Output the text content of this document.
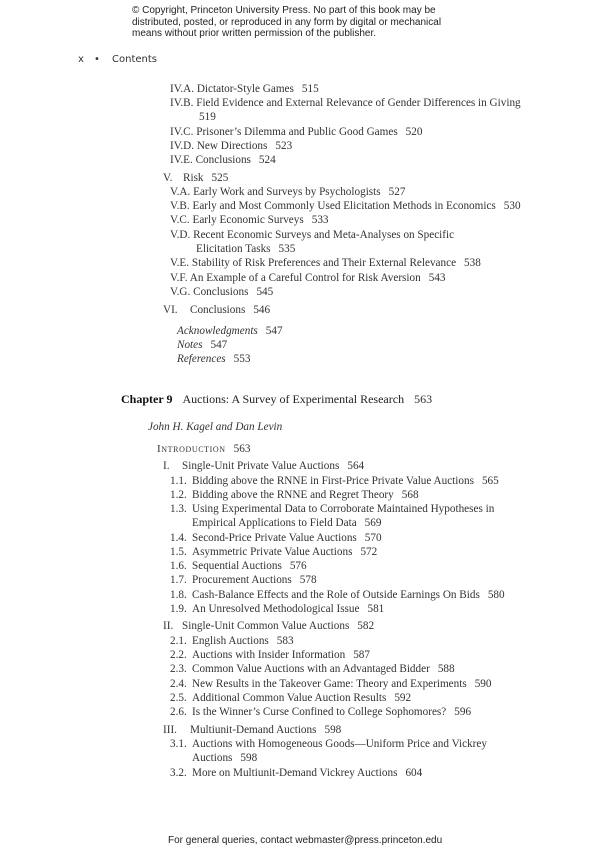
© Copyright, Princeton University Press. No part of this book may be
distributed, posted, or reproduced in any form by digital or mechanical
means without prior written permission of the publisher.
x • Contents
IV.A. Dictator-Style Games 515
IV.B. Field Evidence and External Relevance of Gender Differences in Giving
519
IV.C. Prisoner’s Dilemma and Public Good Games 520
IV.D. New Directions 523
IV.E. Conclusions 524
V. Risk 525
V.A. Early Work and Surveys by Psychologists 527
V.B. Early and Most Commonly Used Elicitation Methods in Economics 530
V.C. Early Economic Surveys 533
V.D. Recent Economic Surveys and Meta-Analyses on Specific
Elicitation Tasks 535
V.E. Stability of Risk Preferences and Their External Relevance 538
V.F. An Example of a Careful Control for Risk Aversion 543
V.G. Conclusions 545
VI. Conclusions 546
Acknowledgments 547
Notes 547
References 553
Chapter 9 Auctions: A Survey of Experimental Research 563
John H. Kagel and Dan Levin
Introduction 563
I. Single-Unit Private Value Auctions 564
1.1. Bidding above the RNNE in First-Price Private Value Auctions 565
1.2. Bidding above the RNNE and Regret Theory 568
1.3. Using Experimental Data to Corroborate Maintained Hypotheses in
Empirical Applications to Field Data 569
1.4. Second-Price Private Value Auctions 570
1.5. Asymmetric Private Value Auctions 572
1.6. Sequential Auctions 576
1.7. Procurement Auctions 578
1.8. Cash-Balance Effects and the Role of Outside Earnings On Bids 580
1.9. An Unresolved Methodological Issue 581
II. Single-Unit Common Value Auctions 582
2.1. English Auctions 583
2.2. Auctions with Insider Information 587
2.3. Common Value Auctions with an Advantaged Bidder 588
2.4. New Results in the Takeover Game: Theory and Experiments 590
2.5. Additional Common Value Auction Results 592
2.6. Is the Winner’s Curse Confined to College Sophomores? 596
III. Multiunit-Demand Auctions 598
3.1. Auctions with Homogeneous Goods—Uniform Price and Vickrey
Auctions 598
3.2. More on Multiunit-Demand Vickrey Auctions 604
For general queries, contact webmaster@press.princeton.edu
